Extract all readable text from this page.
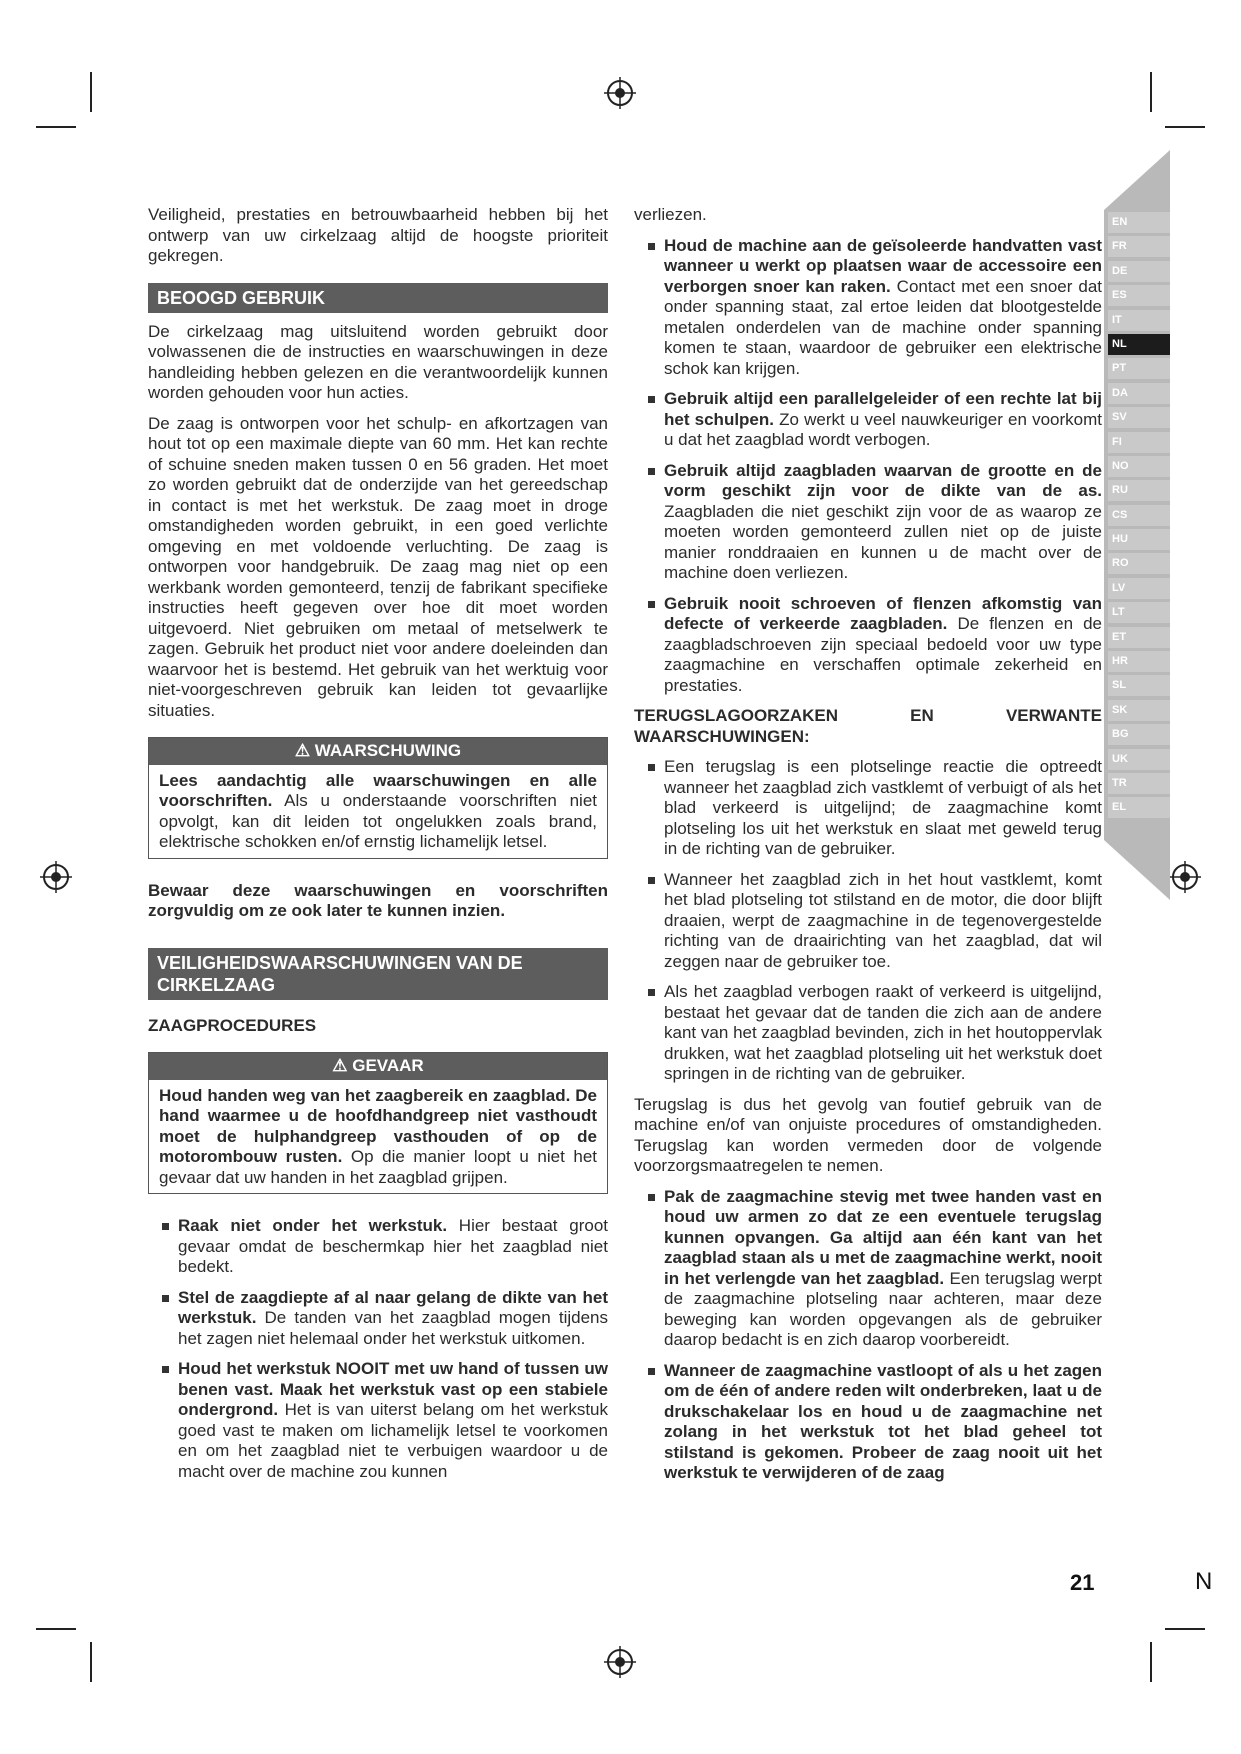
EN
FR
DE
ES
IT
NL
PT
DA
SV
FI
NO
RU
CS
HU
RO
LV
LT
ET
HR
SL
SK
BG
UK
TR
EL

Veiligheid, prestaties en betrouwbaarheid hebben bij het ontwerp van uw cirkelzaag altijd de hoogste prioriteit gekregen.

BEOOGD GEBRUIK

De cirkelzaag mag uitsluitend worden gebruikt door volwassenen die de instructies en waarschuwingen in deze handleiding hebben gelezen en die verantwoordelijk kunnen worden gehouden voor hun acties.

De zaag is ontworpen voor het schulp- en afkortzagen van hout tot op een maximale diepte van 60 mm. Het kan rechte of schuine sneden maken tussen 0 en 56 graden. Het moet zo worden gebruikt dat de onderzijde van het gereedschap in contact is met het werkstuk. De zaag moet in droge omstandigheden worden gebruikt, in een goed verlichte omgeving en met voldoende verluchting. De zaag is ontworpen voor handgebruik. De zaag mag niet op een werkbank worden gemonteerd, tenzij de fabrikant specifieke instructies heeft gegeven over hoe dit moet worden uitgevoerd. Niet gebruiken om metaal of metselwerk te zagen. Gebruik het product niet voor andere doeleinden dan waarvoor het is bestemd. Het gebruik van het werktuig voor niet-voorgeschreven gebruik kan leiden tot gevaarlijke situaties.

⚠ WAARSCHUWING
Lees aandachtig alle waarschuwingen en alle voorschriften. Als u onderstaande voorschriften niet opvolgt, kan dit leiden tot ongelukken zoals brand, elektrische schokken en/of ernstig lichamelijk letsel.

Bewaar deze waarschuwingen en voorschriften zorgvuldig om ze ook later te kunnen inzien.

VEILIGHEIDSWAARSCHUWINGEN VAN DE CIRKELZAAG
ZAAGPROCEDURES
⚠ GEVAAR
Houd handen weg van het zaagbereik en zaagblad. De hand waarmee u de hoofdhandgreep niet vasthoudt moet de hulphandgreep vasthouden of op de motorombouw rusten. Op die manier loopt u niet het gevaar dat uw handen in het zaagblad grijpen.
Raak niet onder het werkstuk. Hier bestaat groot gevaar omdat de beschermkap hier het zaagblad niet bedekt.
Stel de zaagdiepte af al naar gelang de dikte van het werkstuk. De tanden van het zaagblad mogen tijdens het zagen niet helemaal onder het werkstuk uitkomen.
Houd het werkstuk NOOIT met uw hand of tussen uw benen vast. Maak het werkstuk vast op een stabiele ondergrond. Het is van uiterst belang om het werkstuk goed vast te maken om lichamelijk letsel te voorkomen en om het zaagblad niet te verbuigen waardoor u de macht over de machine zou kunnen

verliezen.

Houd de machine aan de geïsoleerde handvatten vast wanneer u werkt op plaatsen waar de accessoire een verborgen snoer kan raken. Contact met een snoer dat onder spanning staat, zal ertoe leiden dat blootgestelde metalen onderdelen van de machine onder spanning komen te staan, waardoor de gebruiker een elektrische schok kan krijgen.
Gebruik altijd een parallelgeleider of een rechte lat bij het schulpen. Zo werkt u veel nauwkeuriger en voorkomt u dat het zaagblad wordt verbogen.
Gebruik altijd zaagbladen waarvan de grootte en de vorm geschikt zijn voor de dikte van de as. Zaagbladen die niet geschikt zijn voor de as waarop ze moeten worden gemonteerd zullen niet op de juiste manier ronddraaien en kunnen u de macht over de machine doen verliezen.
Gebruik nooit schroeven of flenzen afkomstig van defecte of verkeerde zaagbladen. De flenzen en de zaagbladschroeven zijn speciaal bedoeld voor uw type zaagmachine en verschaffen optimale zekerheid en prestaties.
TERUGSLAGOORZAKEN	EN	VERWANTE
WAARSCHUWINGEN:
Een terugslag is een plotselinge reactie die optreedt wanneer het zaagblad zich vastklemt of verbuigt of als het blad verkeerd is uitgelijnd; de zaagmachine komt plotseling los uit het werkstuk en slaat met geweld terug in de richting van de gebruiker.
Wanneer het zaagblad zich in het hout vastklemt, komt het blad plotseling tot stilstand en de motor, die door blijft draaien, werpt de zaagmachine in de tegenovergestelde richting van de draairichting van het zaagblad, dat wil zeggen naar de gebruiker toe.
Als het zaagblad verbogen raakt of verkeerd is uitgelijnd, bestaat het gevaar dat de tanden die zich aan de andere kant van het zaagblad bevinden, zich in het houtoppervlak drukken, wat het zaagblad plotseling uit het werkstuk doet springen in de richting van de gebruiker.

Terugslag is dus het gevolg van foutief gebruik van de machine en/of van onjuiste procedures of omstandigheden. Terugslag kan worden vermeden door de volgende voorzorgsmaatregelen te nemen.

Pak de zaagmachine stevig met twee handen vast en houd uw armen zo dat ze een eventuele terugslag kunnen opvangen. Ga altijd aan één kant van het zaagblad staan als u met de zaagmachine werkt, nooit in het verlengde van het zaagblad. Een terugslag werpt de zaagmachine plotseling naar achteren, maar deze beweging kan worden opgevangen als de gebruiker daarop bedacht is en zich daarop voorbereidt.
Wanneer de zaagmachine vastloopt of als u het zagen om de één of andere reden wilt onderbreken, laat u de drukschakelaar los en houd u de zaagmachine net zolang in het werkstuk tot het blad geheel tot stilstand is gekomen. Probeer de zaag nooit uit het werkstuk te verwijderen of de zaag
21	N
